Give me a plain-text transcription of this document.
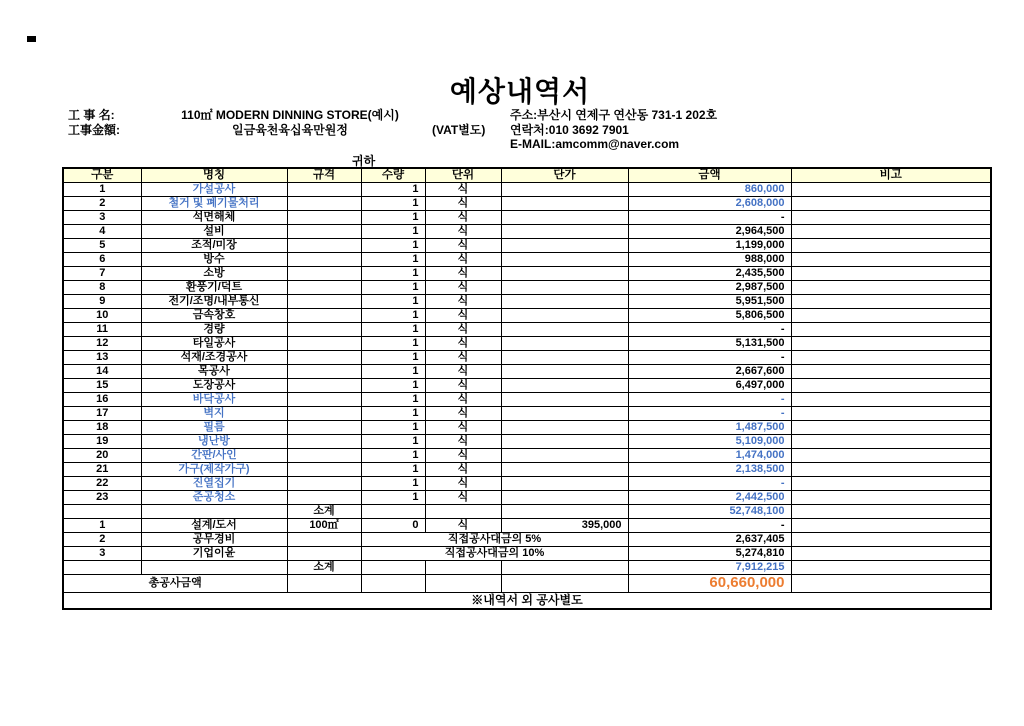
예상내역서
工 事 名:	110㎡ MODERN DINNING STORE(예시)	주소:부산시 연제구 연산동 731-1 202호
工事金額:	일금육천육십육만원정	(VAT별도) 연락처:010 3692 7901
E-MAIL:amcomm@naver.com
귀하
구분	명칭	규격	수량	단위	단가	금액	비고
1	가설공사		1	식		860,000	
2	철거 및 폐기물처리		1	식		2,608,000	
3	석면해체		1	식		-	
4	설비		1	식		2,964,500	
5	조적/미장		1	식		1,199,000	
6	방수		1	식		988,000	
7	소방		1	식		2,435,500	
8	환풍기/덕트		1	식		2,987,500	
9	전기/조명/내부통신		1	식		5,951,500	
10	금속창호		1	식		5,806,500	
11	경량		1	식		-	
12	타일공사		1	식		5,131,500	
13	석재/조경공사		1	식		-	
14	목공사		1	식		2,667,600	
15	도장공사		1	식		6,497,000	
16	바닥공사		1	식		-	
17	벽지		1	식		-	
18	필름		1	식		1,487,500	
19	냉난방		1	식		5,109,000	
20	간판/사인		1	식		1,474,000	
21	가구(제작가구)		1	식		2,138,500	
22	진열집기		1	식		-	
23	준공청소		1	식		2,442,500	
		소계				52,748,100	
1	설계/도서	100㎡	0	식	395,000	-	
2	공무경비		직접공사대금의 5%			2,637,405	
3	기업이윤		직접공사대금의 10%			5,274,810	
		소계				7,912,215	
총공사금액						60,660,000	
※내역서 외 공사별도							
